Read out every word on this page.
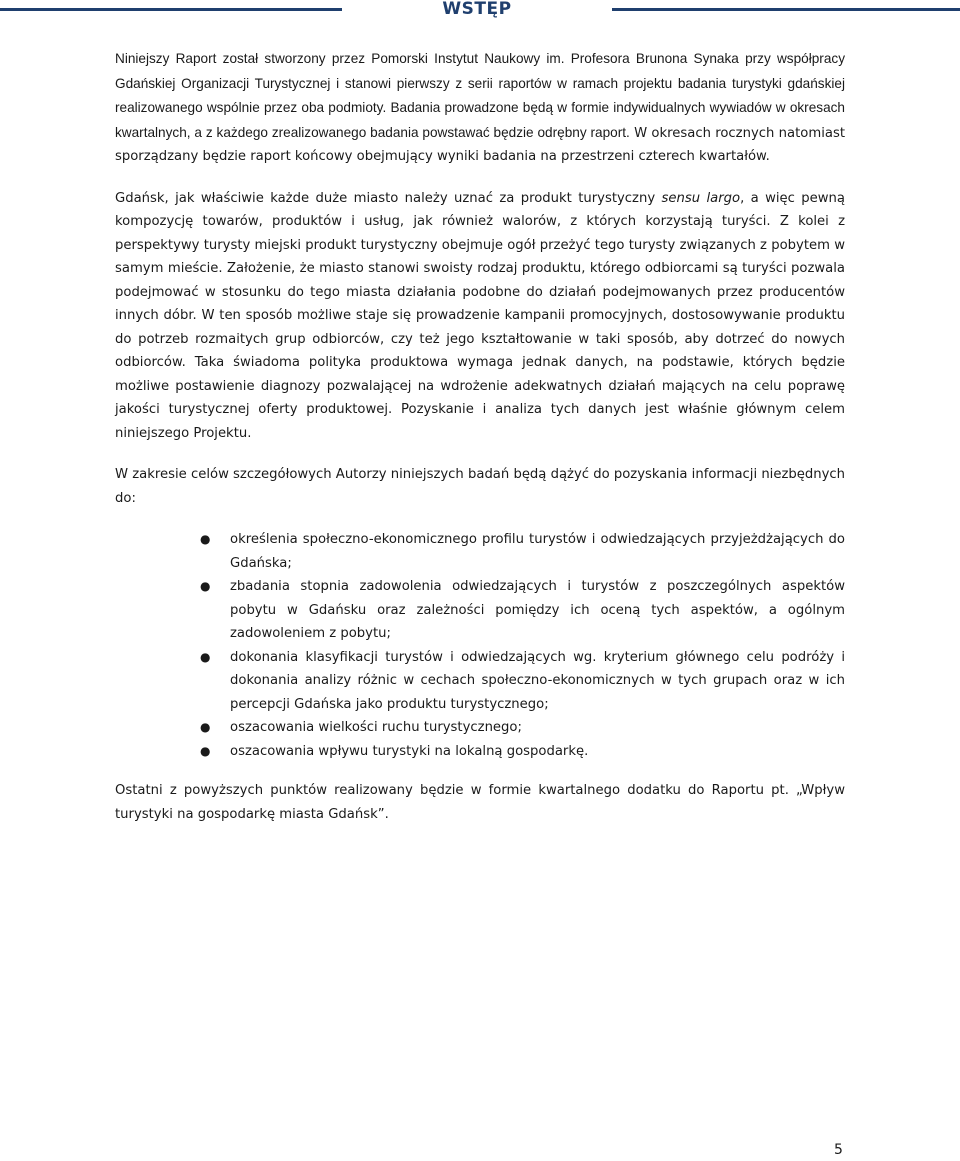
WSTĘP

Niniejszy Raport został stworzony przez Pomorski Instytut Naukowy im. Profesora Brunona Synaka przy współpracy Gdańskiej Organizacji Turystycznej i stanowi pierwszy z serii raportów w ramach projektu badania turystyki gdańskiej realizowanego wspólnie przez oba podmioty. Badania prowadzone będą w formie indywidualnych wywiadów w okresach kwartalnych, a z każdego zrealizowanego badania powstawać będzie odrębny raport. W okresach rocznych natomiast sporządzany będzie raport końcowy obejmujący wyniki badania na przestrzeni czterech kwartałów.

Gdańsk, jak właściwie każde duże miasto należy uznać za produkt turystyczny sensu largo, a więc pewną kompozycję towarów, produktów i usług, jak również walorów, z których korzystają turyści. Z kolei z perspektywy turysty miejski produkt turystyczny obejmuje ogół przeżyć tego turysty związanych z pobytem w samym mieście. Założenie, że miasto stanowi swoisty rodzaj produktu, którego odbiorcami są turyści pozwala podejmować w stosunku do tego miasta działania podobne do działań podejmowanych przez producentów innych dóbr. W ten sposób możliwe staje się prowadzenie kampanii promocyjnych, dostosowywanie produktu do potrzeb rozmaitych grup odbiorców, czy też jego kształtowanie w taki sposób, aby dotrzeć do nowych odbiorców. Taka świadoma polityka produktowa wymaga jednak danych, na podstawie, których będzie możliwe postawienie diagnozy pozwalającej na wdrożenie adekwatnych działań mających na celu poprawę jakości turystycznej oferty produktowej. Pozyskanie i analiza tych danych jest właśnie głównym celem niniejszego Projektu.

W zakresie celów szczegółowych Autorzy niniejszych badań będą dążyć do pozyskania informacji niezbędnych do:

● określenia społeczno-ekonomicznego profilu turystów i odwiedzających przyjeżdżających do Gdańska;
● zbadania stopnia zadowolenia odwiedzających i turystów z poszczególnych aspektów pobytu w Gdańsku oraz zależności pomiędzy ich oceną tych aspektów, a ogólnym zadowoleniem z pobytu;
● dokonania klasyfikacji turystów i odwiedzających wg. kryterium głównego celu podróży i dokonania analizy różnic w cechach społeczno-ekonomicznych w tych grupach oraz w ich percepcji Gdańska jako produktu turystycznego;
● oszacowania wielkości ruchu turystycznego;
● oszacowania wpływu turystyki na lokalną gospodarkę.

Ostatni z powyższych punktów realizowany będzie w formie kwartalnego dodatku do Raportu pt. „Wpływ turystyki na gospodarkę miasta Gdańsk”.

5
